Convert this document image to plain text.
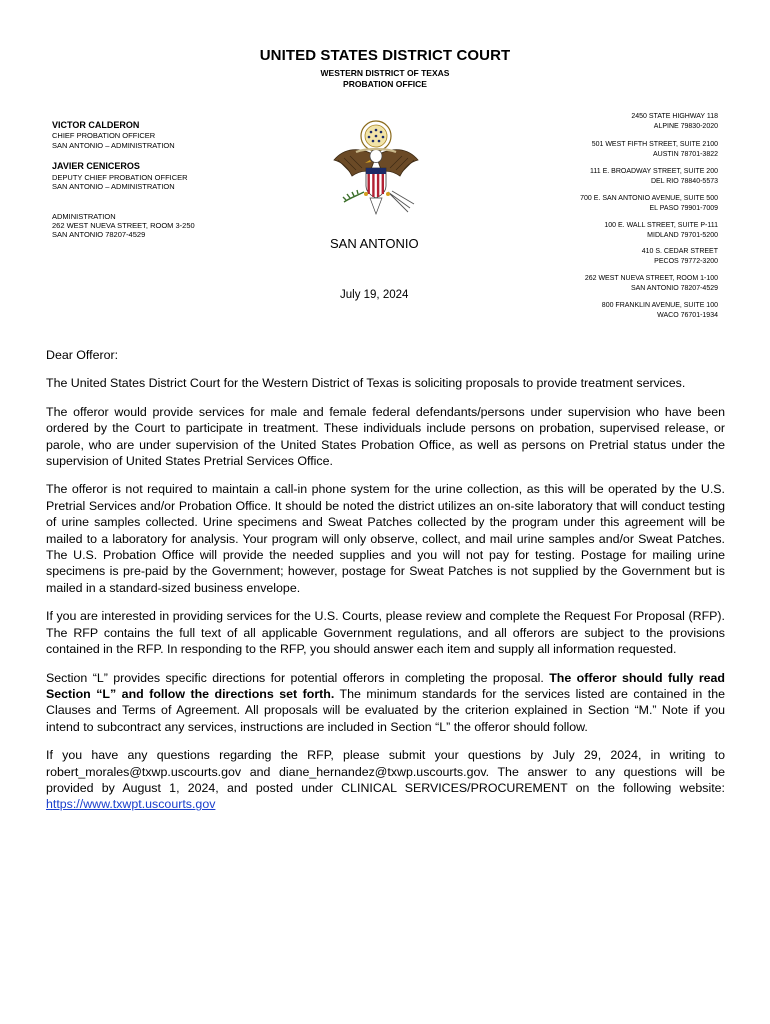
UNITED STATES DISTRICT COURT
WESTERN DISTRICT OF TEXAS
PROBATION OFFICE
VICTOR CALDERON
CHIEF PROBATION OFFICER
SAN ANTONIO – ADMINISTRATION
JAVIER CENICEROS
DEPUTY CHIEF PROBATION OFFICER
SAN ANTONIO – ADMINISTRATION
ADMINISTRATION
262 WEST NUEVA STREET, ROOM 3-250
SAN ANTONIO 78207-4529
2450 STATE HIGHWAY 118
ALPINE 79830-2020
501 WEST FIFTH STREET, SUITE 2100
AUSTIN 78701-3822
111 E. BROADWAY STREET, SUITE 200
DEL RIO 78840-5573
700 E. SAN ANTONIO AVENUE, SUITE 500
EL PASO 79901-7009
100 E. WALL STREET, SUITE P-111
MIDLAND 79701-5200
410 S. CEDAR STREET
PECOS 79772-3200
262 WEST NUEVA STREET, ROOM 1-100
SAN ANTONIO 78207-4529
800 FRANKLIN AVENUE, SUITE 100
WACO 76701-1934
SAN ANTONIO
July 19, 2024

Dear Offeror:

The United States District Court for the Western District of Texas is soliciting proposals to provide treatment services.

The offeror would provide services for male and female federal defendants/persons under supervision who have been ordered by the Court to participate in treatment. These individuals include persons on probation, supervised release, or parole, who are under supervision of the United States Probation Office, as well as persons on Pretrial status under the supervision of United States Pretrial Services Office.

The offeror is not required to maintain a call-in phone system for the urine collection, as this will be operated by the U.S. Pretrial Services and/or Probation Office. It should be noted the district utilizes an on-site laboratory that will conduct testing of urine samples collected. Urine specimens and Sweat Patches collected by the program under this agreement will be mailed to a laboratory for analysis. Your program will only observe, collect, and mail urine samples and/or Sweat Patches. The U.S. Probation Office will provide the needed supplies and you will not pay for testing. Postage for mailing urine specimens is pre-paid by the Government; however, postage for Sweat Patches is not supplied by the Government but is mailed in a standard-sized business envelope.

If you are interested in providing services for the U.S. Courts, please review and complete the Request For Proposal (RFP). The RFP contains the full text of all applicable Government regulations, and all offerors are subject to the provisions contained in the RFP. In responding to the RFP, you should answer each item and supply all information requested.

Section “L” provides specific directions for potential offerors in completing the proposal. The offeror should fully read Section “L” and follow the directions set forth. The minimum standards for the services listed are contained in the Clauses and Terms of Agreement. All proposals will be evaluated by the criterion explained in Section “M.” Note if you intend to subcontract any services, instructions are included in Section “L” the offeror should follow.

If you have any questions regarding the RFP, please submit your questions by July 29, 2024, in writing to robert_morales@txwp.uscourts.gov and diane_hernandez@txwp.uscourts.gov. The answer to any questions will be provided by August 1, 2024, and posted under CLINICAL SERVICES/PROCUREMENT on the following website: https://www.txwpt.uscourts.gov
